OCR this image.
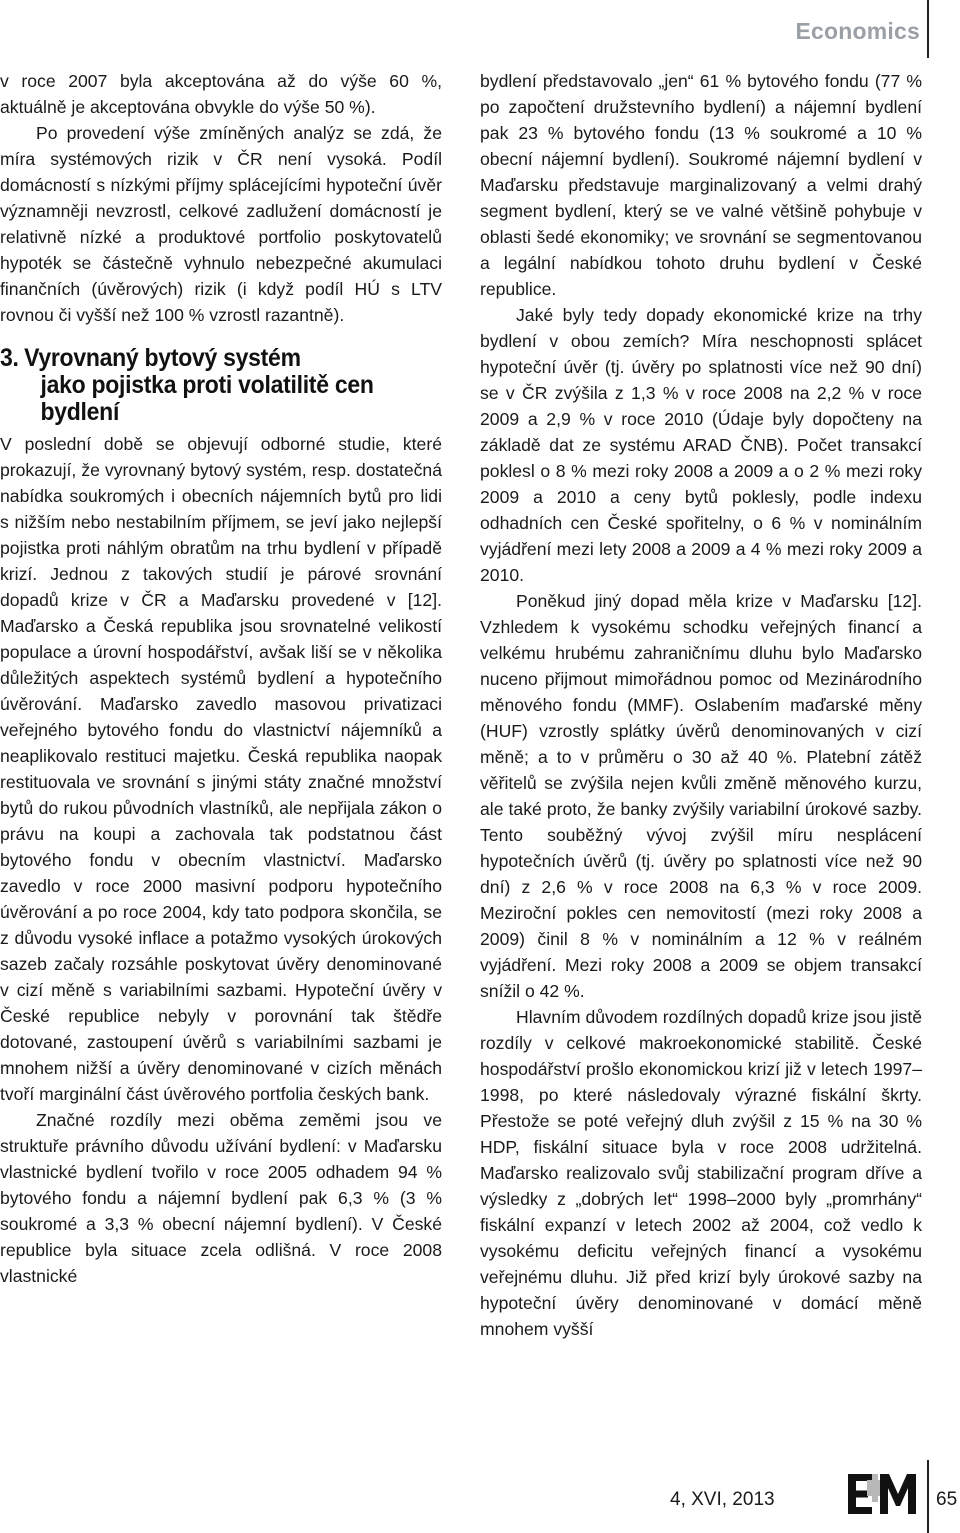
Economics

v roce 2007 byla akceptována až do výše 60 %, aktuálně je akceptována obvykle do výše 50 %).

Po provedení výše zmíněných analýz se zdá, že míra systémových rizik v ČR není vysoká. Podíl domácností s nízkými příjmy splácejícími hypoteční úvěr významněji nevzrostl, celkové zadlužení domácností je relativně nízké a produktové portfolio poskytovatelů hypoték se částečně vyhnulo nebezpečné akumulaci finančních (úvěrových) rizik (i když podíl HÚ s LTV rovnou či vyšší než 100 % vzrostl razantně).

3. Vyrovnaný bytový systém
jako pojistka proti volatilitě cen
bydlení

V poslední době se objevují odborné studie, které prokazují, že vyrovnaný bytový systém, resp. dostatečná nabídka soukromých i obecních nájemních bytů pro lidi s nižším nebo nestabilním příjmem, se jeví jako nejlepší pojistka proti náhlým obratům na trhu bydlení v případě krizí. Jednou z takových studií je párové srovnání dopadů krize v ČR a Maďarsku provedené v [12]. Maďarsko a Česká republika jsou srovnatelné velikostí populace a úrovní hospodářství, avšak liší se v několika důležitých aspektech systémů bydlení a hypotečního úvěrování. Maďarsko zavedlo masovou privatizaci veřejného bytového fondu do vlastnictví nájemníků a neaplikovalo restituci majetku. Česká republika naopak restituovala ve srovnání s jinými státy značné množství bytů do rukou původních vlastníků, ale nepřijala zákon o právu na koupi a zachovala tak podstatnou část bytového fondu v obecním vlastnictví. Maďarsko zavedlo v roce 2000 masivní podporu hypotečního úvěrování a po roce 2004, kdy tato podpora skončila, se z důvodu vysoké inflace a potažmo vysokých úrokových sazeb začaly rozsáhle poskytovat úvěry denominované v cizí měně s variabilními sazbami. Hypoteční úvěry v České republice nebyly v porovnání tak štědře dotované, zastoupení úvěrů s variabilními sazbami je mnohem nižší a úvěry denominované v cizích měnách tvoří marginální část úvěrového portfolia českých bank.

Značné rozdíly mezi oběma zeměmi jsou ve struktuře právního důvodu užívání bydlení: v Maďarsku vlastnické bydlení tvořilo v roce 2005 odhadem 94 % bytového fondu a nájemní bydlení pak 6,3 % (3 % soukromé a 3,3 % obecní nájemní bydlení). V České republice byla situace zcela odlišná. V roce 2008 vlastnické

bydlení představovalo „jen“ 61 % bytového fondu (77 % po započtení družstevního bydlení) a nájemní bydlení pak 23 % bytového fondu (13 % soukromé a 10 % obecní nájemní bydlení). Soukromé nájemní bydlení v Maďarsku představuje marginalizovaný a velmi drahý segment bydlení, který se ve valné většině pohybuje v oblasti šedé ekonomiky; ve srovnání se segmentovanou a legální nabídkou tohoto druhu bydlení v České republice.

Jaké byly tedy dopady ekonomické krize na trhy bydlení v obou zemích? Míra neschopnosti splácet hypoteční úvěr (tj. úvěry po splatnosti více než 90 dní) se v ČR zvýšila z 1,3 % v roce 2008 na 2,2 % v roce 2009 a 2,9 % v roce 2010 (Údaje byly dopočteny na základě dat ze systému ARAD ČNB). Počet transakcí poklesl o 8 % mezi roky 2008 a 2009 a o 2 % mezi roky 2009 a 2010 a ceny bytů poklesly, podle indexu odhadních cen České spořitelny, o 6 % v nominálním vyjádření mezi lety 2008 a 2009 a 4 % mezi roky 2009 a 2010.

Poněkud jiný dopad měla krize v Maďarsku [12]. Vzhledem k vysokému schodku veřejných financí a velkému hrubému zahraničnímu dluhu bylo Maďarsko nuceno přijmout mimořádnou pomoc od Mezinárodního měnového fondu (MMF). Oslabením maďarské měny (HUF) vzrostly splátky úvěrů denominovaných v cizí měně; a to v průměru o 30 až 40 %. Platební zátěž věřitelů se zvýšila nejen kvůli změně měnového kurzu, ale také proto, že banky zvýšily variabilní úrokové sazby. Tento souběžný vývoj zvýšil míru nesplácení hypotečních úvěrů (tj. úvěry po splatnosti více než 90 dní) z 2,6 % v roce 2008 na 6,3 % v roce 2009. Meziroční pokles cen nemovitostí (mezi roky 2008 a 2009) činil 8 % v nominálním a 12 % v reálném vyjádření. Mezi roky 2008 a 2009 se objem transakcí snížil o 42 %.

Hlavním důvodem rozdílných dopadů krize jsou jistě rozdíly v celkové makroekonomické stabilitě. České hospodářství prošlo ekonomickou krizí již v letech 1997–1998, po které následovaly výrazné fiskální škrty. Přestože se poté veřejný dluh zvýšil z 15 % na 30 % HDP, fiskální situace byla v roce 2008 udržitelná. Maďarsko realizovalo svůj stabilizační program dříve a výsledky z „dobrých let“ 1998–2000 byly „promrhány“ fiskální expanzí v letech 2002 až 2004, což vedlo k vysokému deficitu veřejných financí a vysokému veřejnému dluhu. Již před krizí byly úrokové sazby na hypoteční úvěry denominované v domácí měně mnohem vyšší

4, XVI, 2013	65
